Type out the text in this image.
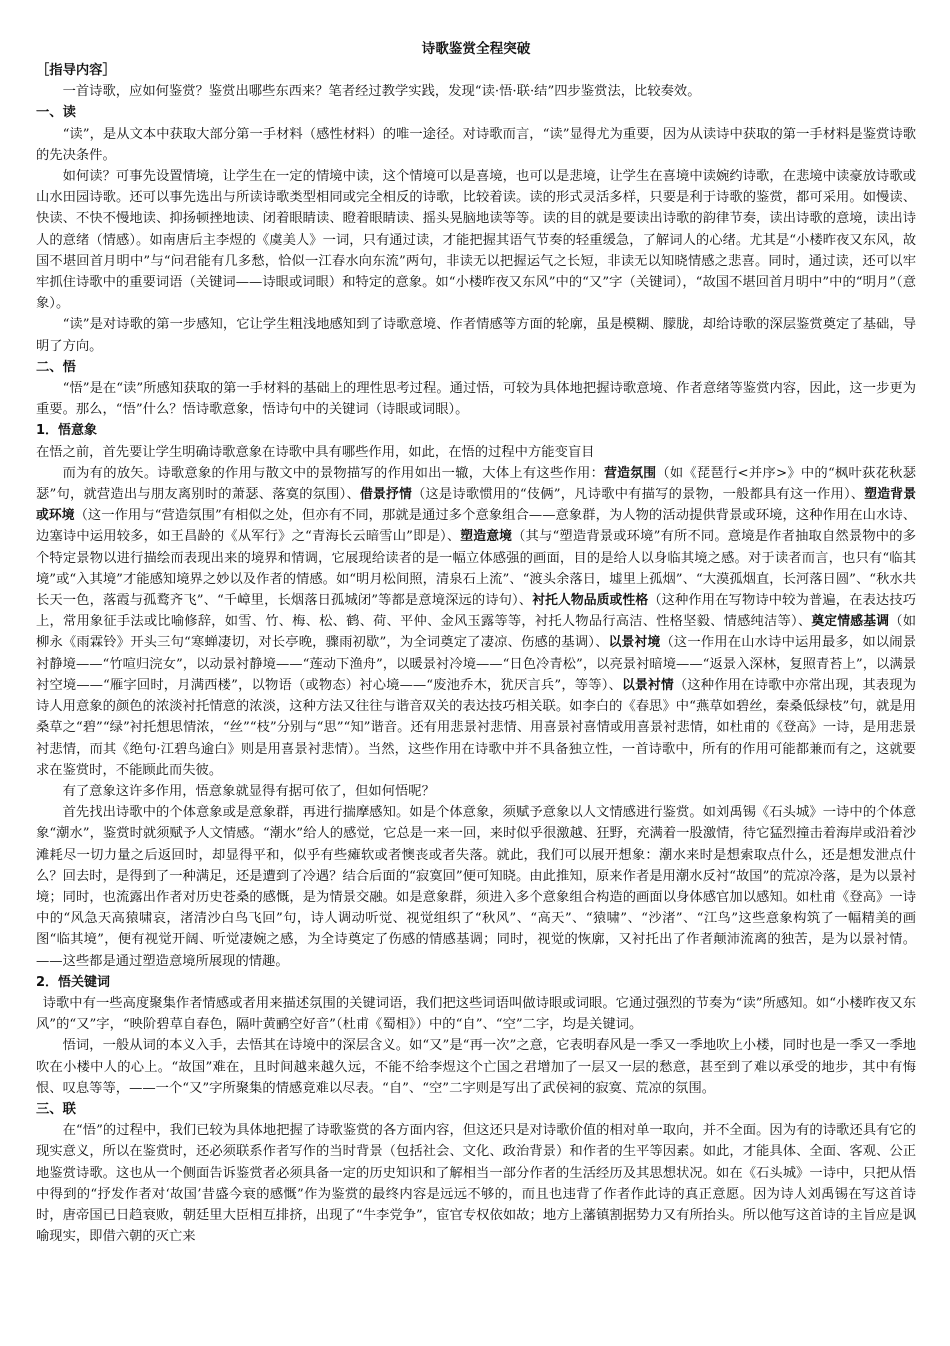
诗歌鉴赏全程突破

［指导内容］

一首诗歌，应如何鉴赏？鉴赏出哪些东西来？笔者经过教学实践，发现“读·悟·联·结”四步鉴赏法，比较奏效。

一、读

“读”，是从文本中获取大部分第一手材料（感性材料）的唯一途径。对诗歌而言，“读”显得尤为重要，因为从读诗中获取的第一手材料是鉴赏诗歌的先决条件。

如何读？可事先设置情境，让学生在一定的情境中读，这个情境可以是喜境，也可以是悲境，让学生在喜境中读婉约诗歌，在悲境中读豪放诗歌或山水田园诗歌。还可以事先选出与所读诗歌类型相同或完全相反的诗歌，比较着读。读的形式灵活多样，只要是利于诗歌的鉴赏，都可采用。如慢读、快读、不快不慢地读、抑扬顿挫地读、闭着眼睛读、瞪着眼睛读、摇头晃脑地读等等。读的目的就是要读出诗歌的韵律节奏，读出诗歌的意境，读出诗人的意绪（情感）。如南唐后主李煜的《虞美人》一词，只有通过读，才能把握其语气节奏的轻重缓急，了解词人的心绪。尤其是“小楼昨夜又东风，故国不堪回首月明中”与“问君能有几多愁，恰似一江春水向东流”两句，非读无以把握运气之长短，非读无以知晓情感之悲喜。同时，通过读，还可以牢牢抓住诗歌中的重要词语（关键词——诗眼或词眼）和特定的意象。如“小楼昨夜又东风”中的“又”字（关键词），“故国不堪回首月明中”中的“明月”（意象）。

“读”是对诗歌的第一步感知，它让学生粗浅地感知到了诗歌意境、作者情感等方面的轮廓，虽是模糊、朦胧，却给诗歌的深层鉴赏奠定了基础，导明了方向。

二、悟

“悟”是在“读”所感知获取的第一手材料的基础上的理性思考过程。通过悟，可较为具体地把握诗歌意境、作者意绪等鉴赏内容，因此，这一步更为重要。那么，“悟”什么？悟诗歌意象，悟诗句中的关键词（诗眼或词眼）。

1．悟意象

在悟之前，首先要让学生明确诗歌意象在诗歌中具有哪些作用，如此，在悟的过程中方能变盲目

而为有的放矢。诗歌意象的作用与散文中的景物描写的作用如出一辙，大体上有这些作用：营造氛围（如《琵琶行<并序>》中的“枫叶荻花秋瑟瑟”句，就营造出与朋友离别时的萧瑟、落寞的氛围）、借景抒情（这是诗歌惯用的“伎俩”，凡诗歌中有描写的景物，一般都具有这一作用）、塑造背景或环境（这一作用与“营造氛围”有相似之处，但亦有不同，那就是通过多个意象组合——意象群，为人物的活动提供背景或环境，这种作用在山水诗、边塞诗中运用较多，如王昌龄的《从军行》之“青海长云暗雪山”即是）、塑造意境（其与“塑造背景或环境”有所不同。意境是作者抽取自然景物中的多个特定景物以进行描绘而表现出来的境界和情调，它展现给读者的是一幅立体感强的画面，目的是给人以身临其境之感。对于读者而言，也只有“临其境”或“入其境”才能感知境界之妙以及作者的情感。如“明月松间照，清泉石上流”、“渡头余落日，墟里上孤烟”、“大漠孤烟直，长河落日圆”、“秋水共长天一色，落霞与孤鹜齐飞”、“千嶂里，长烟落日孤城闭”等都是意境深远的诗句）、衬托人物品质或性格（这种作用在写物诗中较为普遍，在表达技巧上，常用象征手法或比喻修辞，如雪、竹、梅、松、鹤、荷、平仲、金风玉露等等，衬托人物品行高洁、性格坚毅、情感纯洁等）、奠定情感基调（如柳永《雨霖铃》开头三句“寒蝉凄切，对长亭晚，骤雨初歇”，为全词奠定了凄凉、伤感的基调）、以景衬境（这一作用在山水诗中运用最多，如以闹景衬静境——“竹喧归浣女”，以动景衬静境——“莲动下渔舟”，以暖景衬冷境——“日色冷青松”，以亮景衬暗境——“返景入深林，复照青苔上”，以满景衬空境——“雁字回时，月满西楼”，以物语（或物态）衬心境——“废池乔木，犹厌言兵”，等等）、以景衬情（这种作用在诗歌中亦常出现，其表现为诗人用意象的颜色的浓淡衬托情意的浓淡，这种方法又往往与谐音双关的表达技巧相关联。如李白的《春思》中“燕草如碧丝，秦桑低绿枝”句，就是用桑草之“碧”“绿”衬托想思情浓，“丝”“枝”分别与“思”“知”谐音。还有用悲景衬悲情、用喜景衬喜情或用喜景衬悲情，如杜甫的《登高》一诗，是用悲景衬悲情，而其《绝句·江碧鸟逾白》则是用喜景衬悲情）。当然，这些作用在诗歌中并不具备独立性，一首诗歌中，所有的作用可能都兼而有之，这就要求在鉴赏时，不能顾此而失彼。

有了意象这许多作用，悟意象就显得有据可依了，但如何悟呢？

首先找出诗歌中的个体意象或是意象群，再进行揣摩感知。如是个体意象，须赋予意象以人文情感进行鉴赏。如刘禹锡《石头城》一诗中的个体意象“潮水”，鉴赏时就须赋予人文情感。“潮水”给人的感觉，它总是一来一回，来时似乎很激越、狂野，充满着一股激情，待它猛烈撞击着海岸或沿着沙滩耗尽一切力量之后返回时，却显得平和，似乎有些瘫软或者懊丧或者失落。就此，我们可以展开想象：潮水来时是想索取点什么，还是想发泄点什么？回去时，是得到了一种满足，还是遭到了冷遇？结合后面的“寂寞回”便可知晓。由此推知，原来作者是用潮水反衬“故国”的荒凉冷落，是为以景衬境；同时，也流露出作者对历史苍桑的感慨，是为情景交融。如是意象群，须进入多个意象组合构造的画面以身体感官加以感知。如杜甫《登高》一诗中的“风急天高猿啸哀，渚清沙白鸟飞回”句，诗人调动听觉、视觉组织了“秋风”、“高天”、“猿啸”、“沙渚”、“江鸟”这些意象构筑了一幅精美的画图“临其境”，便有视觉开阔、听觉凄婉之感，为全诗奠定了伤感的情感基调；同时，视觉的恢廓，又衬托出了作者颠沛流离的独苦，是为以景衬情。——这些都是通过塑造意境所展现的情趣。

2．悟关键词

诗歌中有一些高度聚集作者情感或者用来描述氛围的关键词语，我们把这些词语叫做诗眼或词眼。它通过强烈的节奏为“读”所感知。如“小楼昨夜又东风”的“又”字，“映阶碧草自春色，隔叶黄鹂空好音”（杜甫《蜀相》）中的“自”、“空”二字，均是关键词。

悟词，一般从词的本义入手，去悟其在诗境中的深层含义。如“又”是“再一次”之意，它表明春风是一季又一季地吹上小楼，同时也是一季又一季地吹在小楼中人的心上。“故国”难在，且时间越来越久远，不能不给李煜这个亡国之君增加了一层又一层的愁意，甚至到了难以承受的地步，其中有悔恨、叹息等等，——一个“又”字所聚集的情感竟难以尽表。“自”、“空”二字则是写出了武侯祠的寂寞、荒凉的氛围。

三、联

在“悟”的过程中，我们已较为具体地把握了诗歌鉴赏的各方面内容，但这还只是对诗歌价值的相对单一取向，并不全面。因为有的诗歌还具有它的现实意义，所以在鉴赏时，还必须联系作者写作的当时背景（包括社会、文化、政治背景）和作者的生平等因素。如此，才能具体、全面、客观、公正地鉴赏诗歌。这也从一个侧面告诉鉴赏者必须具备一定的历史知识和了解相当一部分作者的生活经历及其思想状况。如在《石头城》一诗中，只把从悟中得到的“抒发作者对‘故国’昔盛今衰的感慨”作为鉴赏的最终内容是远远不够的，而且也违背了作者作此诗的真正意愿。因为诗人刘禹锡在写这首诗时，唐帝国已日趋衰败，朝廷里大臣相互排挤，出现了“牛李党争”，宦官专权依如故；地方上藩镇割据势力又有所抬头。所以他写这首诗的主旨应是讽喻现实，即借六朝的灭亡来
